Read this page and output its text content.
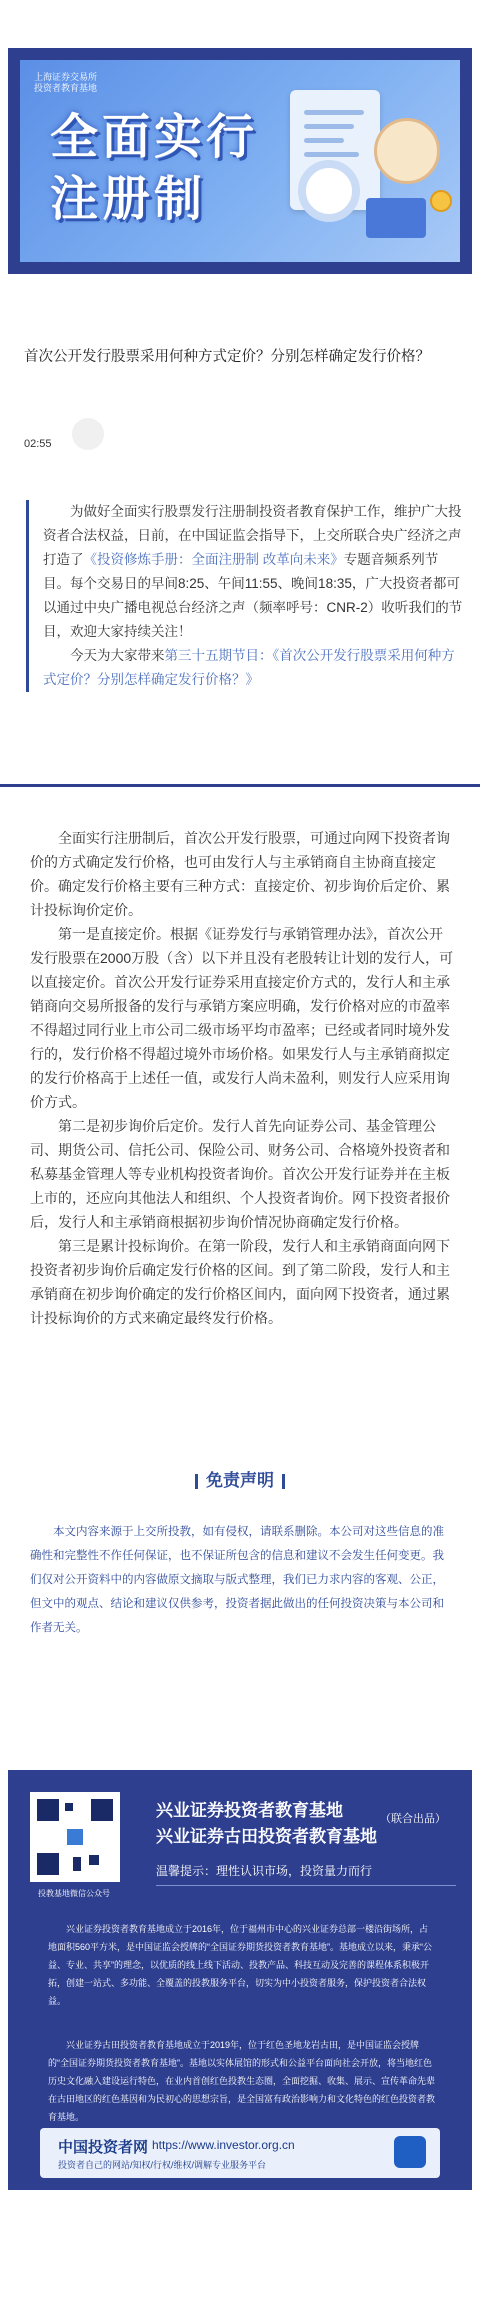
上海证券交易所
投资者教育基地
全面实行
注册制
首次公开发行股票采用何种方式定价？分别怎样确定发行价格？
02:55

为做好全面实行股票发行注册制投资者教育保护工作，维护广大投资者合法权益，日前，在中国证监会指导下，上交所联合央广经济之声打造了《投资修炼手册：全面注册制 改革向未来》专题音频系列节目。每个交易日的早间8:25、午间11:55、晚间18:35，广大投资者都可以通过中央广播电视总台经济之声（频率呼号：CNR-2）收听我们的节目，欢迎大家持续关注！

今天为大家带来第三十五期节目：《首次公开发行股票采用何种方式定价？分别怎样确定发行价格？》

全面实行注册制后，首次公开发行股票，可通过向网下投资者询价的方式确定发行价格，也可由发行人与主承销商自主协商直接定价。确定发行价格主要有三种方式：直接定价、初步询价后定价、累计投标询价定价。

第一是直接定价。根据《证券发行与承销管理办法》，首次公开发行股票在2000万股（含）以下并且没有老股转让计划的发行人，可以直接定价。首次公开发行证券采用直接定价方式的，发行人和主承销商向交易所报备的发行与承销方案应明确，发行价格对应的市盈率不得超过同行业上市公司二级市场平均市盈率；已经或者同时境外发行的，发行价格不得超过境外市场价格。如果发行人与主承销商拟定的发行价格高于上述任一值，或发行人尚未盈利，则发行人应采用询价方式。

第二是初步询价后定价。发行人首先向证券公司、基金管理公司、期货公司、信托公司、保险公司、财务公司、合格境外投资者和私募基金管理人等专业机构投资者询价。首次公开发行证券并在主板上市的，还应向其他法人和组织、个人投资者询价。网下投资者报价后，发行人和主承销商根据初步询价情况协商确定发行价格。

第三是累计投标询价。在第一阶段，发行人和主承销商面向网下投资者初步询价后确定发行价格的区间。到了第二阶段，发行人和主承销商在初步询价确定的发行价格区间内，面向网下投资者，通过累计投标询价的方式来确定最终发行价格。

免责声明
本文内容来源于上交所投教，如有侵权，请联系删除。本公司对这些信息的准确性和完整性不作任何保证，也不保证所包含的信息和建议不会发生任何变更。我们仅对公开资料中的内容做原文摘取与版式整理，我们已力求内容的客观、公正，但文中的观点、结论和建议仅供参考，投资者据此做出的任何投资决策与本公司和作者无关。
投教基地微信公众号
兴业证券投资者教育基地
兴业证券古田投资者教育基地
（联合出品）
温馨提示：理性认识市场，投资量力而行
兴业证券投资者教育基地成立于2016年，位于福州市中心的兴业证券总部一楼沿街场所，占地面积560平方米，是中国证监会授牌的“全国证券期货投资者教育基地”。基地成立以来，秉承“公益、专业、共享”的理念，以优质的线上线下活动、投教产品、科技互动及完善的课程体系积极开拓，创建一站式、多功能、全覆盖的投教服务平台，切实为中小投资者服务，保护投资者合法权益。
兴业证券古田投资者教育基地成立于2019年，位于红色圣地龙岩古田，是中国证监会授牌的“全国证券期货投资者教育基地”。基地以实体展馆的形式和公益平台面向社会开放，将当地红色历史文化融入建设运行特色，在业内首创红色投教生态圈，全面挖掘、收集、展示、宣传革命先辈在古田地区的红色基因和为民初心的思想宗旨，是全国富有政治影响力和文化特色的红色投资者教育基地。
中国投资者网 https://www.investor.org.cn
投资者自己的网站/知权/行权/维权/调解专业服务平台
